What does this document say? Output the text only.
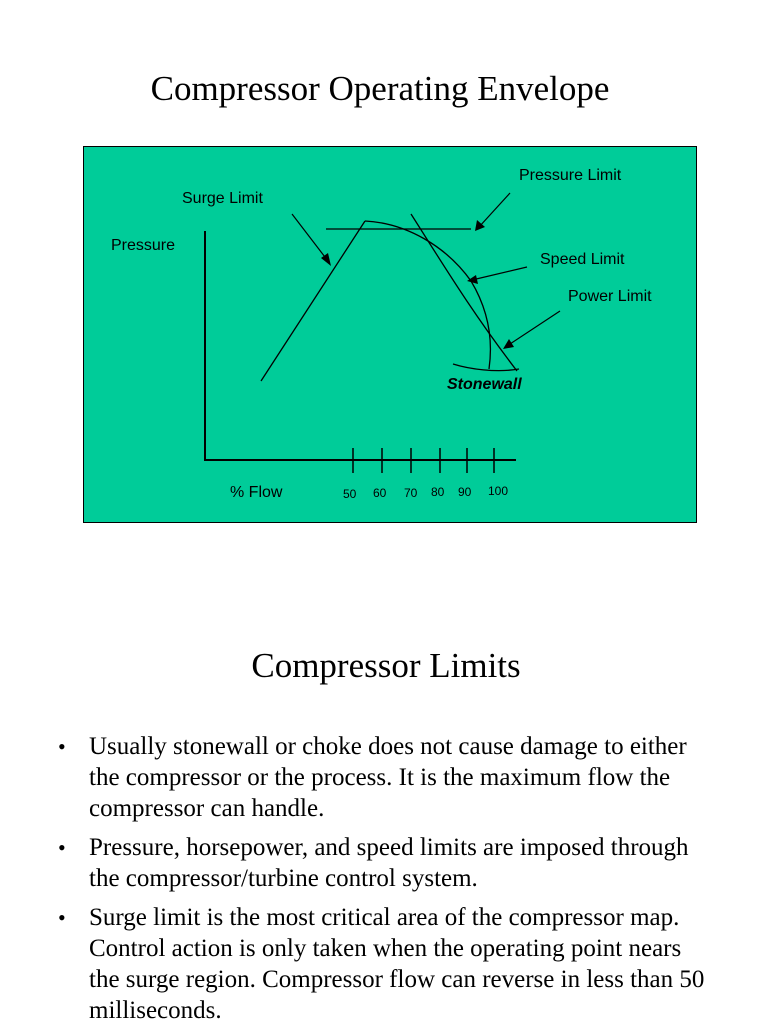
Compressor Operating Envelope
Pressure
Surge Limit
Pressure Limit
Speed Limit
Power Limit
Stonewall
% Flow	50 60 70 80 90 100
Compressor Limits
• Usually stonewall or choke does not cause damage to either the compressor or the process. It is the maximum flow the compressor can handle.
• Pressure, horsepower, and speed limits are imposed through the compressor/turbine control system.
• Surge limit is the most critical area of the compressor map. Control action is only taken when the operating point nears the surge region. Compressor flow can reverse in less than 50 milliseconds.
